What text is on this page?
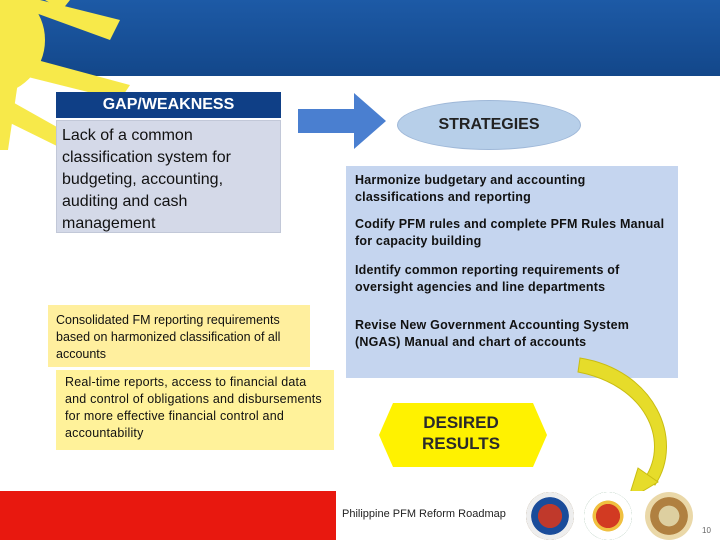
GAP/WEAKNESS
Lack of a common
classification system for
budgeting, accounting,
auditing and cash
management
STRATEGIES
Harmonize budgetary and accounting classifications and reporting
Codify PFM rules and complete PFM Rules Manual for capacity building
Identify common reporting requirements of oversight agencies and line departments
Revise New Government Accounting System (NGAS) Manual and chart of accounts
Consolidated FM reporting requirements based on harmonized classification of all accounts
Real-time reports, access to financial data and control of obligations and disbursements for more effective financial control and accountability
DESIRED
RESULTS
Philippine PFM Reform Roadmap
10
